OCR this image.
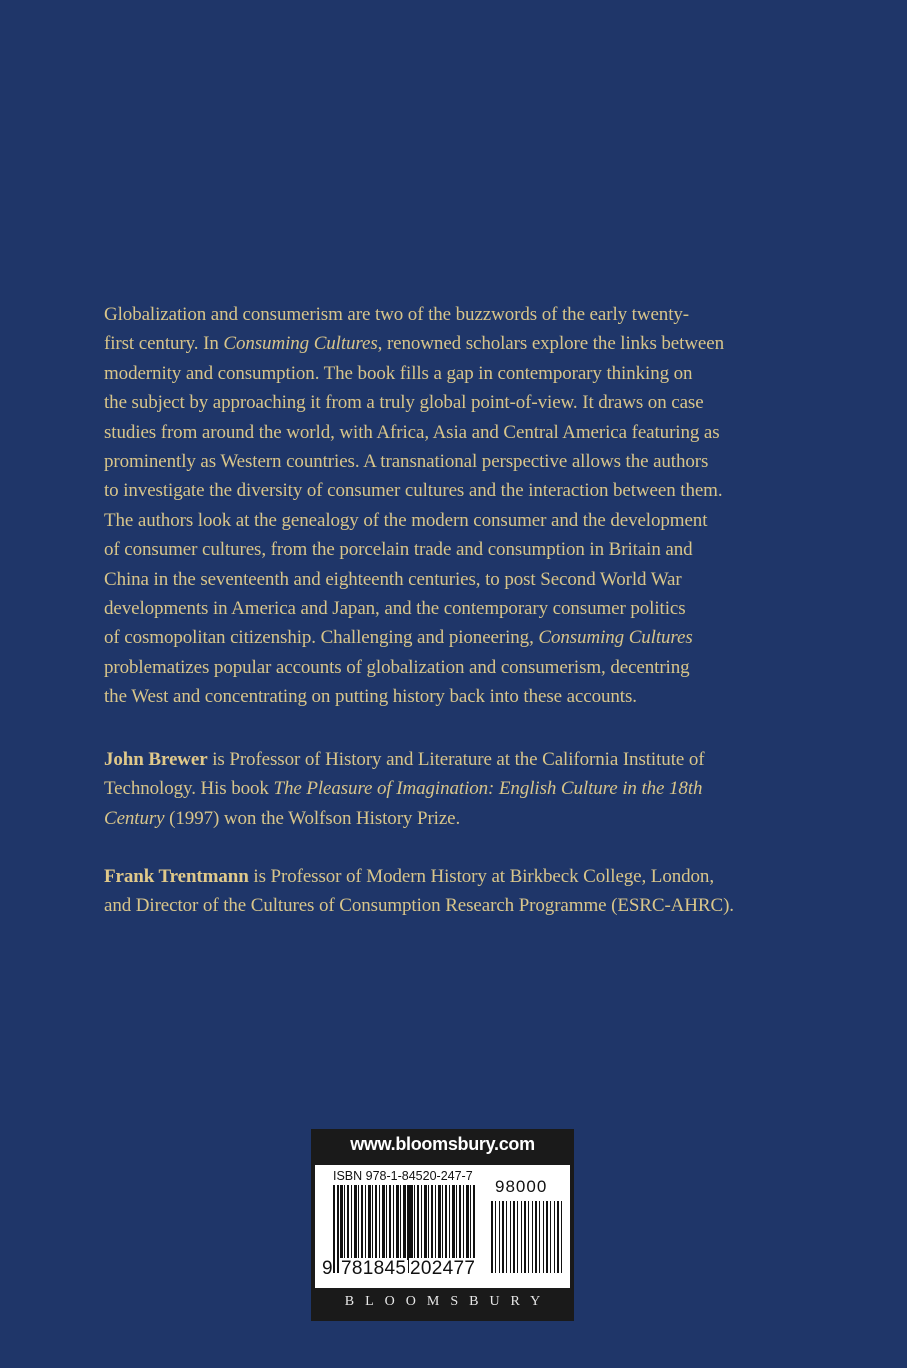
Globalization and consumerism are two of the buzzwords of the early twenty-
first century. In Consuming Cultures, renowned scholars explore the links between
modernity and consumption. The book fills a gap in contemporary thinking on
the subject by approaching it from a truly global point-of-view. It draws on case
studies from around the world, with Africa, Asia and Central America featuring as
prominently as Western countries. A transnational perspective allows the authors
to investigate the diversity of consumer cultures and the interaction between them.
The authors look at the genealogy of the modern consumer and the development
of consumer cultures, from the porcelain trade and consumption in Britain and
China in the seventeenth and eighteenth centuries, to post Second World War
developments in America and Japan, and the contemporary consumer politics
of cosmopolitan citizenship. Challenging and pioneering, Consuming Cultures
problematizes popular accounts of globalization and consumerism, decentring
the West and concentrating on putting history back into these accounts.
John Brewer is Professor of History and Literature at the California Institute of
Technology. His book The Pleasure of Imagination: English Culture in the 18th
Century (1997) won the Wolfson History Prize.
Frank Trentmann is Professor of Modern History at Birkbeck College, London,
and Director of the Cultures of Consumption Research Programme (ESRC-AHRC).
www.bloomsbury.com
ISBN 978-1-84520-247-7
98000

9

781845

202477

BLOOMSBURY
